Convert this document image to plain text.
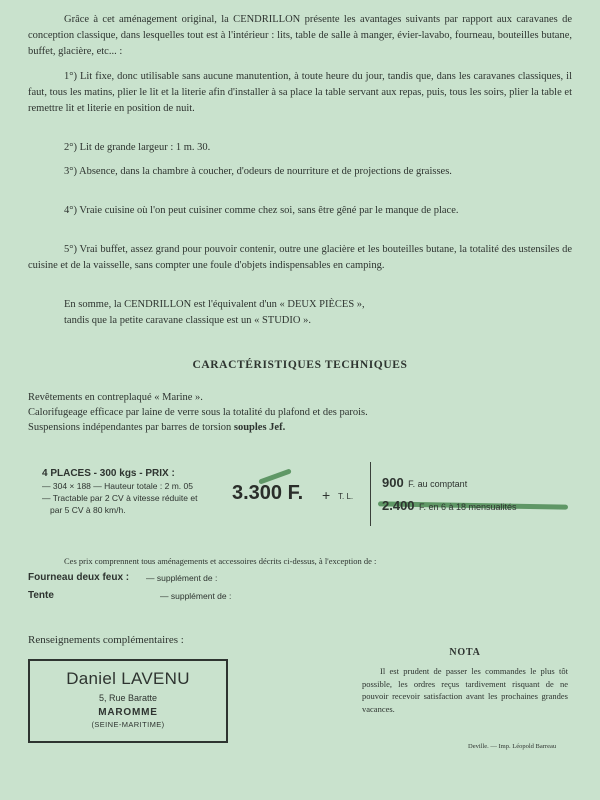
Grâce à cet aménagement original, la CENDRILLON présente les avantages suivants par rapport aux caravanes de conception classique, dans lesquelles tout est à l'intérieur : lits, table de salle à manger, évier-lavabo, fourneau, bouteilles butane, buffet, glacière, etc... :

1°) Lit fixe, donc utilisable sans aucune manutention, à toute heure du jour, tandis que, dans les caravanes classiques, il faut, tous les matins, plier le lit et la literie afin d'installer à sa place la table servant aux repas, puis, tous les soirs, plier la table et remettre lit et literie en position de nuit.

2°) Lit de grande largeur : 1 m. 30.

3°) Absence, dans la chambre à coucher, d'odeurs de nourriture et de projections de graisses.

4°) Vraie cuisine où l'on peut cuisiner comme chez soi, sans être gêné par le manque de place.

5°) Vrai buffet, assez grand pour pouvoir contenir, outre une glacière et les bouteilles butane, la totalité des ustensiles de cuisine et de la vaisselle, sans compter une foule d'objets indispensables en camping.

En somme, la CENDRILLON est l'équivalent d'un « DEUX PIÈCES »,

tandis que la petite caravane classique est un « STUDIO ».

CARACTÉRISTIQUES TECHNIQUES

Revêtements en contreplaqué « Marine ».

Calorifugeage efficace par laine de verre sous la totalité du plafond et des parois.

Suspensions indépendantes par barres de torsion souples Jef.

4 PLACES - 300 kgs - PRIX :

— 304 × 188 — Hauteur totale : 2 m. 05

— Tractable par 2 CV à vitesse réduite et

par 5 CV à 80 km/h.

3.300 F. + T. L.
900 F. au comptant
2.400 F. en 6 à 18 mensualités

Ces prix comprennent tous aménagements et accessoires décrits ci-dessus, à l'exception de :

Fourneau deux feux : — supplément de :
Tente	— supplément de :
Renseignements complémentaires :
Daniel LAVENU
5, Rue Baratte
MAROMME
(SEINE-MARITIME)
NOTA

Il est prudent de passer les commandes le plus tôt possible, les ordres reçus tardivement risquant de ne pouvoir recevoir satisfaction avant les prochaines grandes vacances.

Deville. — Imp. Léopold Barreau
